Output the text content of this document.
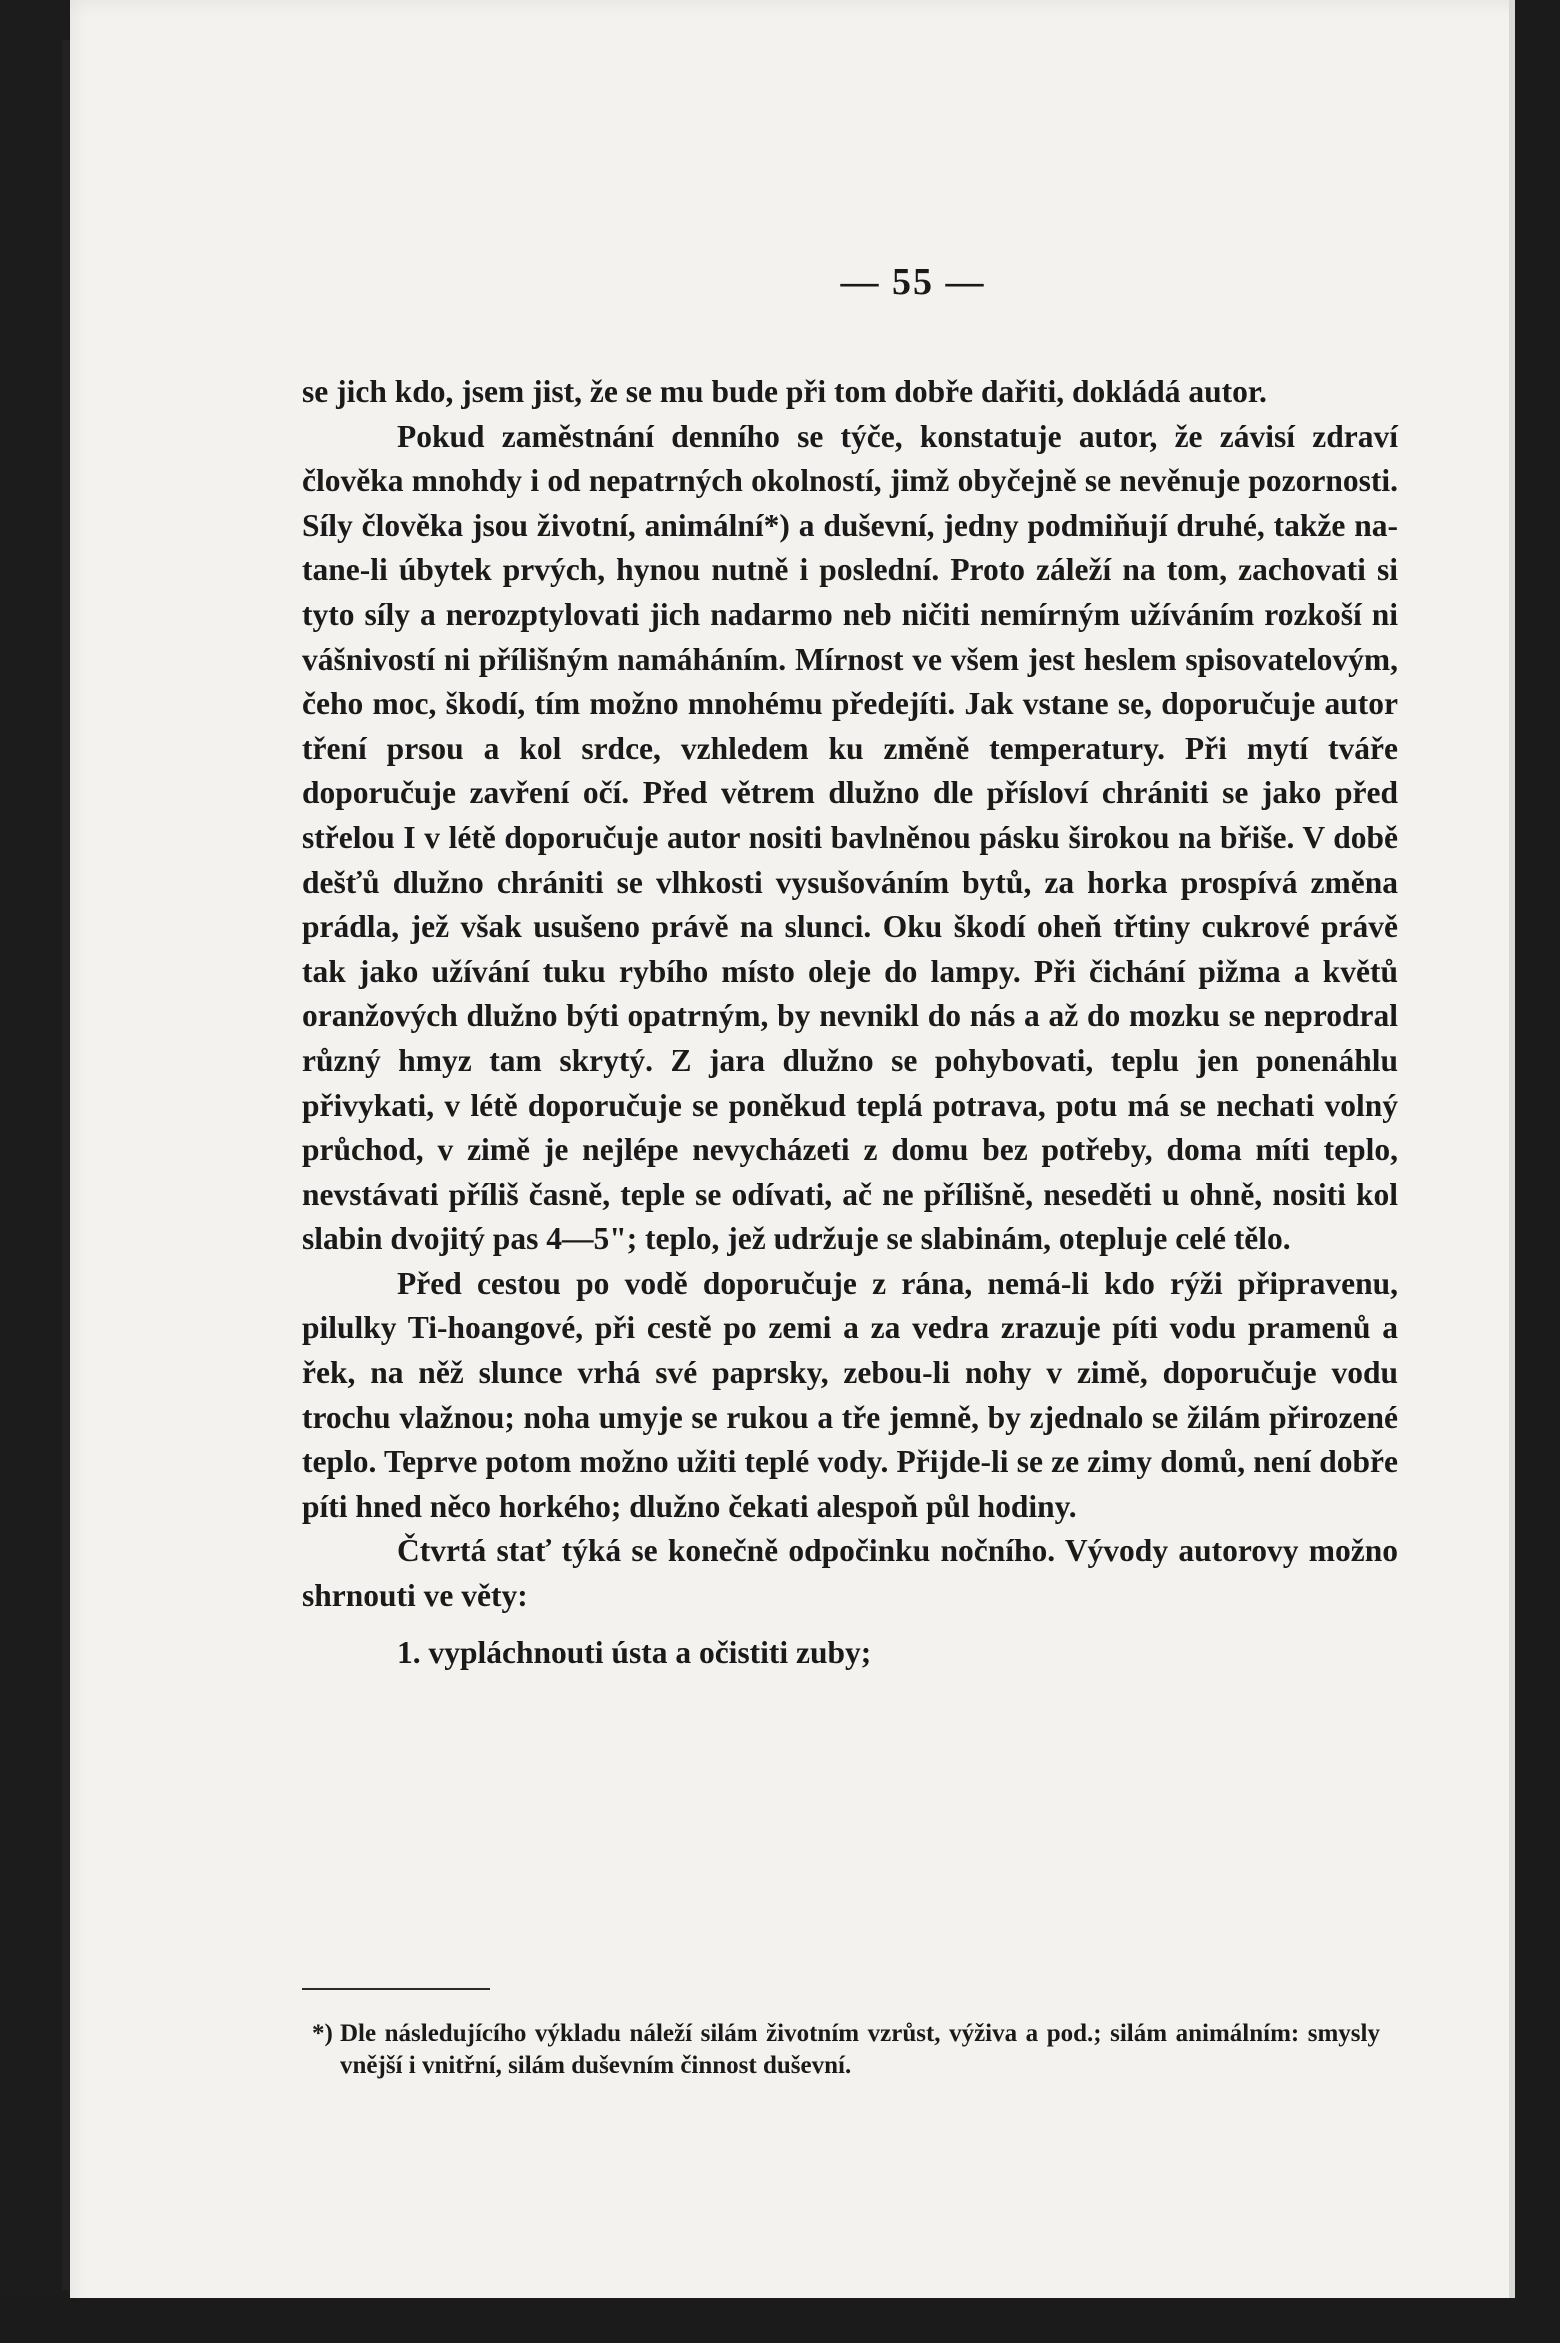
— 55 —

se jich kdo, jsem jist, že se mu bude při tom dobře dařiti, dokládá autor.

Pokud zaměstnání denního se týče, konstatuje autor, že závisí zdraví člověka mnohdy i od nepatrných okolností, jimž obyčejně se nevěnuje pozornosti. Síly člověka jsou životní, animální*) a duševní, jedny podmiňují druhé, takže na-tane-li úbytek prvých, hynou nutně i poslední. Proto záleží na tom, zachovati si tyto síly a nerozptylovati jich nadarmo neb ničiti nemírným užíváním rozkoší ni vášnivostí ni přílišným namáháním. Mírnost ve všem jest heslem spisovatelovým, čeho moc, škodí, tím možno mnohému předejíti. Jak vstane se, doporučuje autor tření prsou a kol srdce, vzhledem ku změně temperatury. Při mytí tváře doporučuje zavření očí. Před větrem dlužno dle přísloví chrániti se jako před střelou I v létě doporučuje autor nositi bavlněnou pásku širokou na břiše. V době dešťů dlužno chrániti se vlhkosti vysušováním bytů, za horka prospívá změna prádla, jež však usušeno právě na slunci. Oku škodí oheň třtiny cukrové právě tak jako užívání tuku rybího místo oleje do lampy. Při čichání pižma a květů oranžových dlužno býti opatrným, by nevnikl do nás a až do mozku se neprodral různý hmyz tam skrytý. Z jara dlužno se pohybovati, teplu jen ponenáhlu přivykati, v létě doporučuje se poněkud teplá potrava, potu má se nechati volný průchod, v zimě je nejlépe nevycházeti z domu bez potřeby, doma míti teplo, nevstávati příliš časně, teple se odívati, ač ne přílišně, neseděti u ohně, nositi kol slabin dvojitý pas 4—5"; teplo, jež udržuje se slabinám, otepluje celé tělo.

Před cestou po vodě doporučuje z rána, nemá-li kdo rýži připravenu, pilulky Ti-hoangové, při cestě po zemi a za vedra zrazuje píti vodu pramenů a řek, na něž slunce vrhá své paprsky, zebou-li nohy v zimě, doporučuje vodu trochu vlažnou; noha umyje se rukou a tře jemně, by zjednalo se žilám přirozené teplo. Teprve potom možno užiti teplé vody. Přijde-li se ze zimy domů, není dobře píti hned něco horkého; dlužno čekati alespoň půl hodiny.

Čtvrtá stať týká se konečně odpočinku nočního. Vývody autorovy možno shrnouti ve věty:

1. vypláchnouti ústa a očistiti zuby;

*) Dle následujícího výkladu náleží silám životním vzrůst, výživa a pod.; silám animálním: smysly vnější i vnitřní, silám duševním činnost duševní.
